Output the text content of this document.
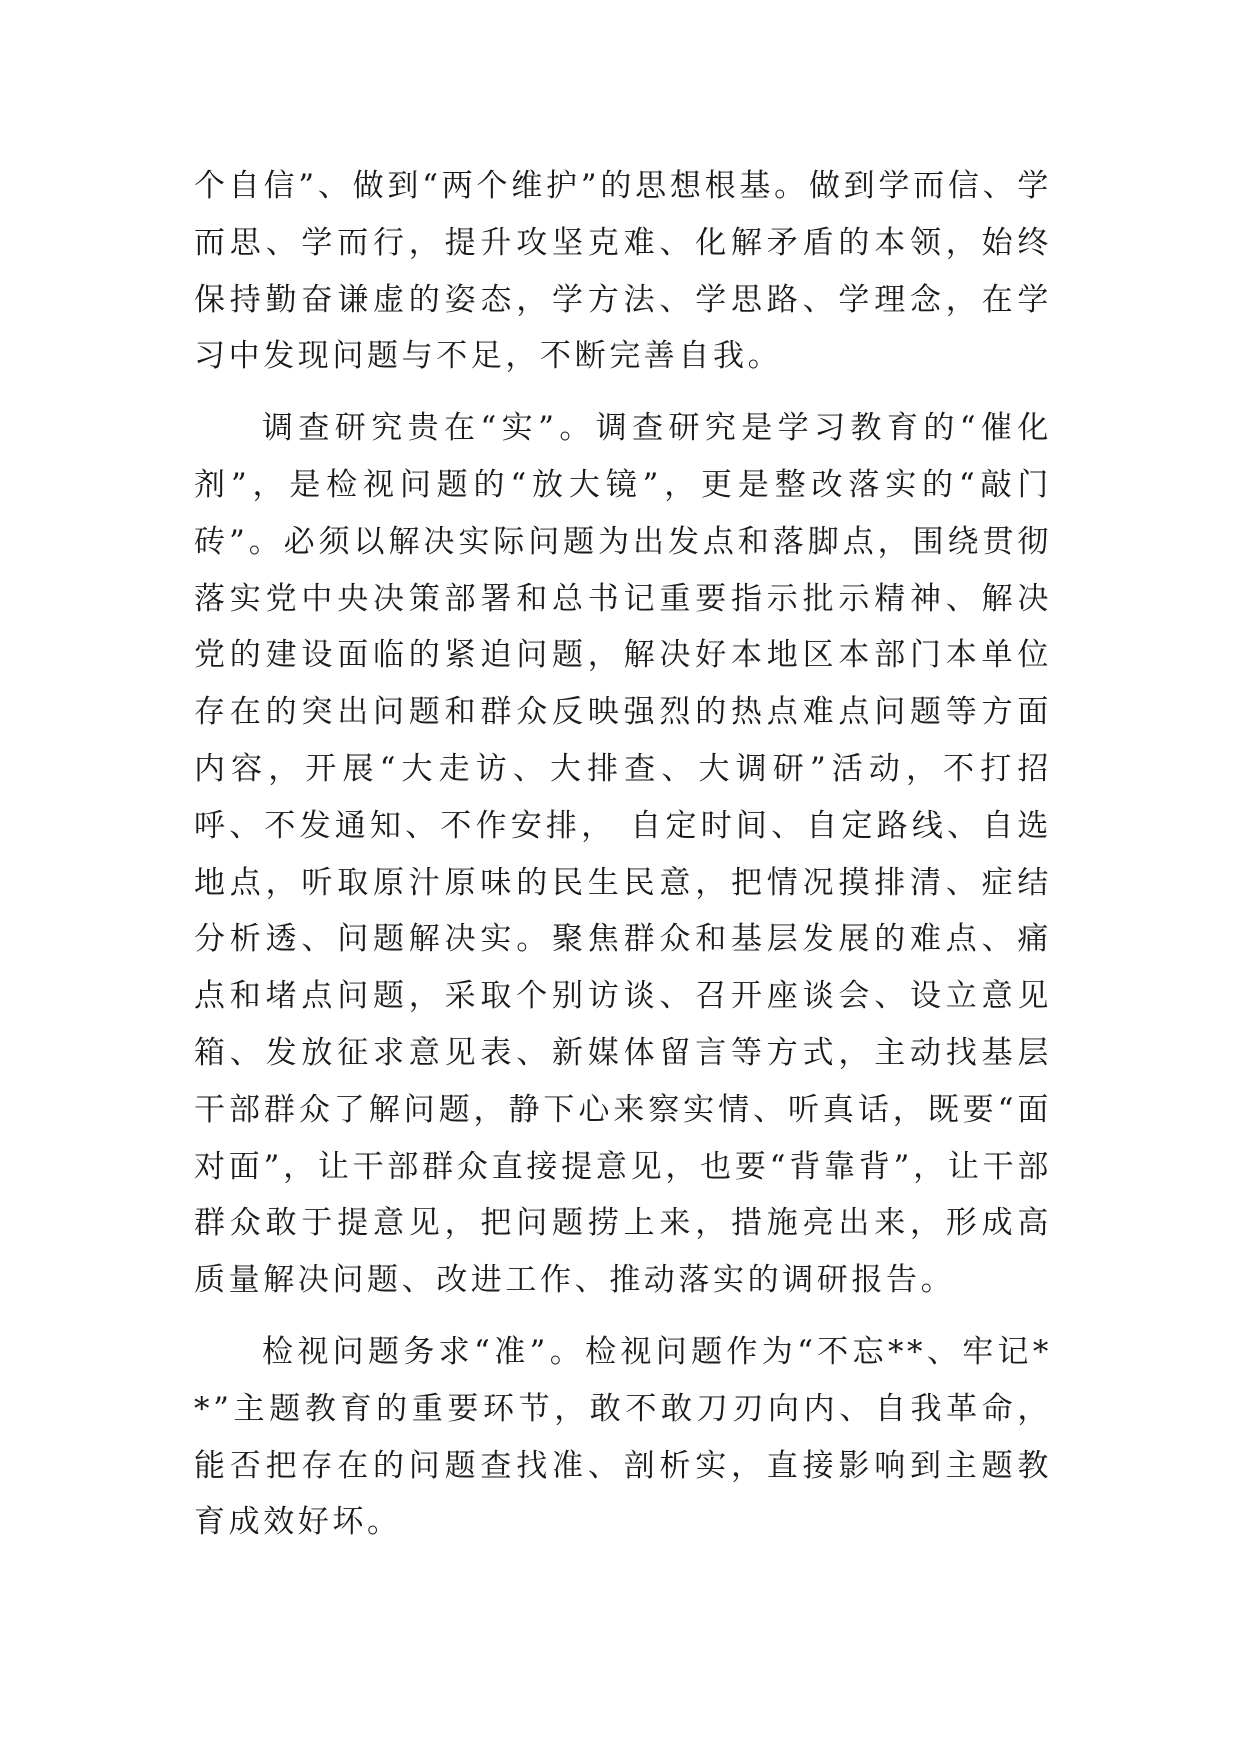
个自信”、做到“两个维护”的思想根基。做到学而信、学而思、学而行，提升攻坚克难、化解矛盾的本领，始终保持勤奋谦虚的姿态，学方法、学思路、学理念，在学习中发现问题与不足，不断完善自我。

调查研究贵在“实”。调查研究是学习教育的“催化剂”，是检视问题的“放大镜”，更是整改落实的“敲门砖”。必须以解决实际问题为出发点和落脚点，围绕贯彻落实党中央决策部署和总书记重要指示批示精神、解决党的建设面临的紧迫问题，解决好本地区本部门本单位存在的突出问题和群众反映强烈的热点难点问题等方面内容，开展“大走访、大排查、大调研”活动，不打招呼、不发通知、不作安排， 自定时间、自定路线、自选地点，听取原汁原味的民生民意，把情况摸排清、症结分析透、问题解决实。聚焦群众和基层发展的难点、痛点和堵点问题，采取个别访谈、召开座谈会、设立意见箱、发放征求意见表、新媒体留言等方式，主动找基层干部群众了解问题，静下心来察实情、听真话，既要“面对面”，让干部群众直接提意见，也要“背靠背”，让干部群众敢于提意见，把问题捞上来，措施亮出来，形成高质量解决问题、改进工作、推动落实的调研报告。

检视问题务求“准”。检视问题作为“不忘**、牢记**”主题教育的重要环节，敢不敢刀刃向内、自我革命，能否把存在的问题查找准、剖析实，直接影响到主题教育成效好坏。
